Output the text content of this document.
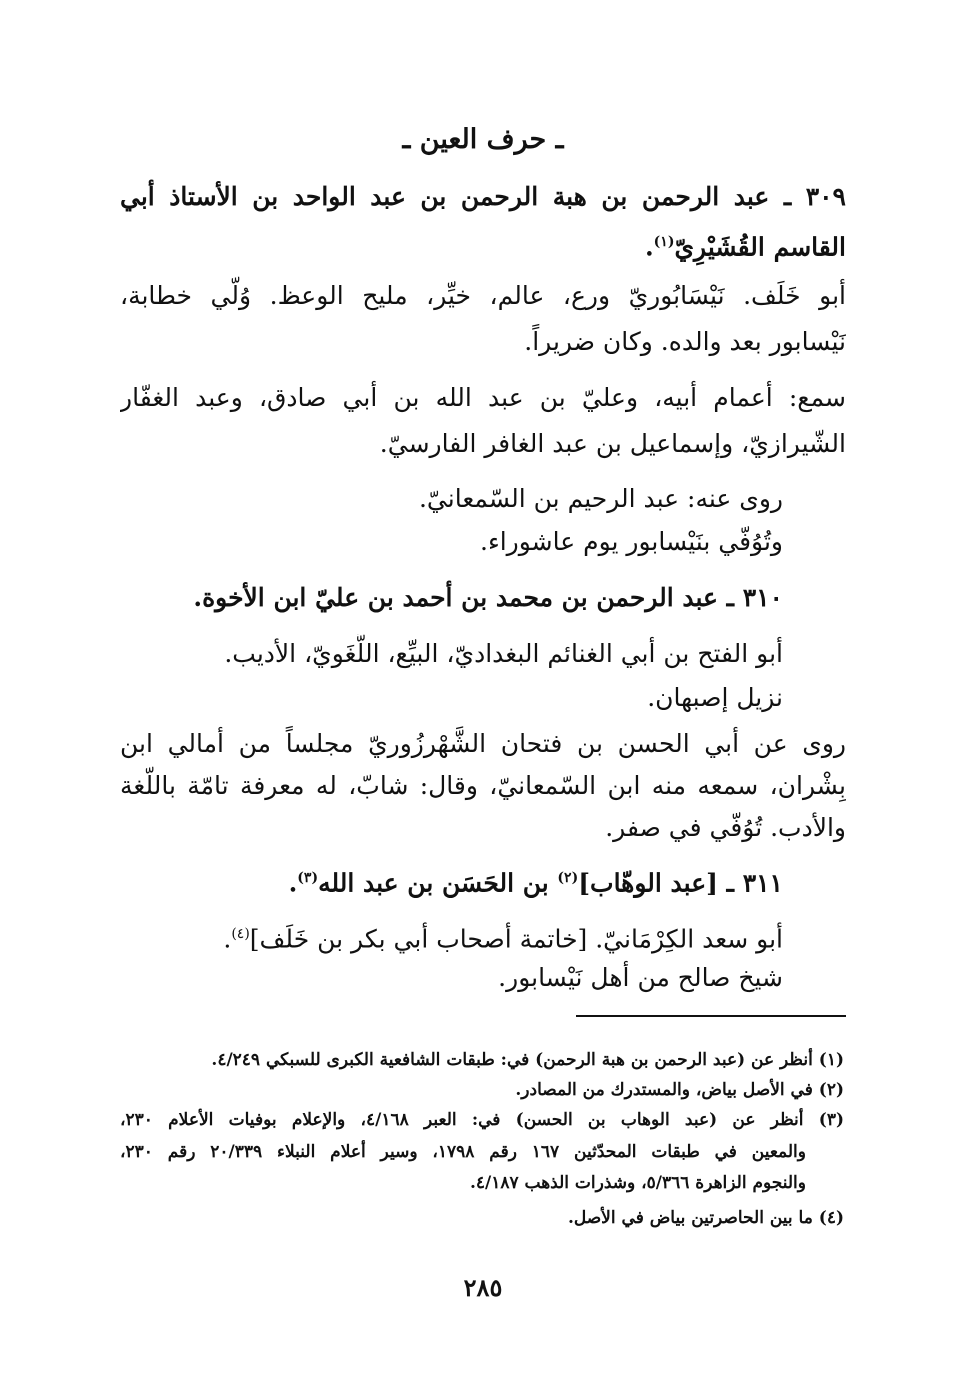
ـ حرف العين ـ
٣٠٩ ـ عبد الرحمن بن هبة الرحمن بن عبد الواحد بن الأستاذ أبي
القاسم القُشَيْرِيّ$^{(١)}$.
أبو خَلَف. نَيْسَابُوريّ ورع، عالم، خيِّر، مليح الوعظ. وُلّي خطابة،
نَيْسابور بعد والده. وكان ضريراً.
سمع: أعمام أبيه، وعليّ بن عبد الله بن أبي صادق، وعبد الغفّار
الشّيرازيّ، وإسماعيل بن عبد الغافر الفارسيّ.
روى عنه: عبد الرحيم بن السّمعانيّ.
وتُوُفّي بنَيْسابور يوم عاشوراء.
٣١٠ ـ عبد الرحمن بن محمد بن أحمد بن عليّ ابن الأخوة.
أبو الفتح بن أبي الغنائم البغداديّ، البيِّع، اللُّغَويّ، الأديب.
نزيل إصبهان.
روى عن أبي الحسن بن فتحان الشَّهْرزُوريّ مجلساً من أمالي ابن
بِشْران، سمعه منه ابن السّمعانيّ، وقال: شابّ، له معرفة تامّة باللّغة
والأدب. تُوُفّي في صفر.
٣١١ ـ [عبد الوهّاب]$^{(٢)}$ بن الحَسَن بن عبد الله$^{(٣)}$.
أبو سعد الكِرْمَانيّ. [خاتمة أصحاب أبي بكر بن خَلَف]$^{(٤)}$.
شيخ صالح من أهل نَيْسابور.
(١) أنظر عن (عبد الرحمن بن هبة الرحمن) في: طبقات الشافعية الكبرى للسبكي ٤/٢٤٩.
(٢) في الأصل بياض، والمستدرك من المصادر.
(٣) أنظر عن (عبد الوهاب بن الحسن) في: العبر ٤/١٦٨، والإعلام بوفيات الأعلام ٢٣٠،
والمعين في طبقات المحدّثين ١٦٧ رقم ١٧٩٨، وسير أعلام النبلاء ٢٠/٣٣٩ رقم ٢٣٠،
والنجوم الزاهرة ٥/٣٦٦، وشذرات الذهب ٤/١٨٧.
(٤) ما بين الحاصرتين بياض في الأصل.
٢٨٥
